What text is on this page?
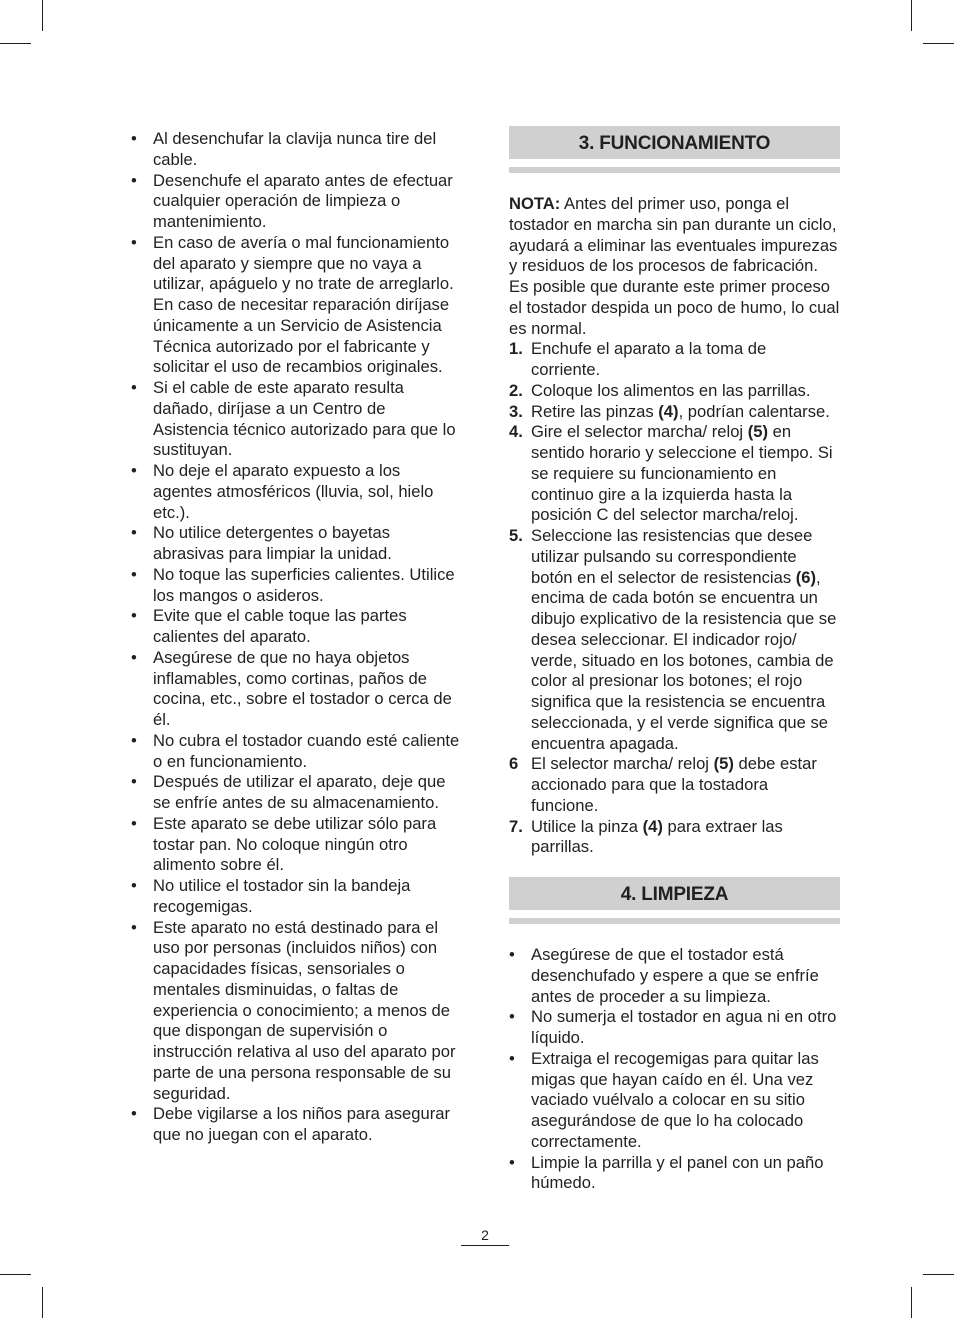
• Al desenchufar la clavija nunca tire del cable.
• Desenchufe el aparato antes de efectuar cualquier operación de limpieza o mantenimiento.
• En caso de avería o mal funcionamiento del aparato y siempre que no vaya a utilizar, apáguelo y no trate de arreglarlo. En caso de necesitar reparación diríjase únicamente a un Servicio de Asistencia Técnica autorizado por el fabricante y solicitar el uso de recambios originales.
• Si el cable de este aparato resulta dañado, diríjase a un Centro de Asistencia técnico autorizado para que lo sustituyan.
• No deje el aparato expuesto a los agentes atmosféricos (lluvia, sol, hielo etc.).
• No utilice detergentes o bayetas abrasivas para limpiar la unidad.
• No toque las superficies calientes. Utilice los mangos o asideros.
• Evite que el cable toque las partes calientes del aparato.
• Asegúrese de que no haya objetos inflamables, como cortinas, paños de cocina, etc., sobre el tostador o cerca de él.
• No cubra el tostador cuando esté caliente o en funcionamiento.
• Después de utilizar el aparato, deje que se enfríe antes de su almacenamiento.
• Este aparato se debe utilizar sólo para tostar pan. No coloque ningún otro alimento sobre él.
• No utilice el tostador sin la bandeja recogemigas.
• Este aparato no está destinado para el uso por personas (incluidos niños) con capacidades físicas, sensoriales o mentales disminuidas, o faltas de experiencia o conocimiento; a menos de que dispongan de supervisión o instrucción relativa al uso del aparato por parte de una persona responsable de su seguridad.
• Debe vigilarse a los niños para asegurar que no juegan con el aparato.
3. FUNCIONAMIENTO

NOTA: Antes del primer uso, ponga el tostador en marcha sin pan durante un ciclo, ayudará a eliminar las eventuales impurezas y residuos de los procesos de fabricación. Es posible que durante este primer proceso el tostador despida un poco de humo, lo cual es normal.

1. Enchufe el aparato a la toma de corriente.
2. Coloque los alimentos en las parrillas.
3. Retire las pinzas (4), podrían calentarse.
4. Gire el selector marcha/ reloj (5) en sentido horario y seleccione el tiempo. Si se requiere su funcionamiento en continuo gire a la izquierda hasta la posición C del selector marcha/reloj.
5. Seleccione las resistencias que desee utilizar pulsando su correspondiente botón en el selector de resistencias (6), encima de cada botón se encuentra un dibujo explicativo de la resistencia que se desea seleccionar. El indicador rojo/ verde, situado en los botones, cambia de color al presionar los botones; el rojo significa que la resistencia se encuentra seleccionada, y el verde significa que se encuentra apagada.
6 El selector marcha/ reloj (5) debe estar accionado para que la tostadora funcione.
7. Utilice la pinza (4) para extraer las parrillas.
4. LIMPIEZA
• Asegúrese de que el tostador está desenchufado y espere a que se enfríe antes de proceder a su limpieza.
• No sumerja el tostador en agua ni en otro líquido.
• Extraiga el recogemigas para quitar las migas que hayan caído en él. Una vez vaciado vuélvalo a colocar en su sitio asegurándose de que lo ha colocado correctamente.
• Limpie la parrilla y el panel con un paño húmedo.
2
